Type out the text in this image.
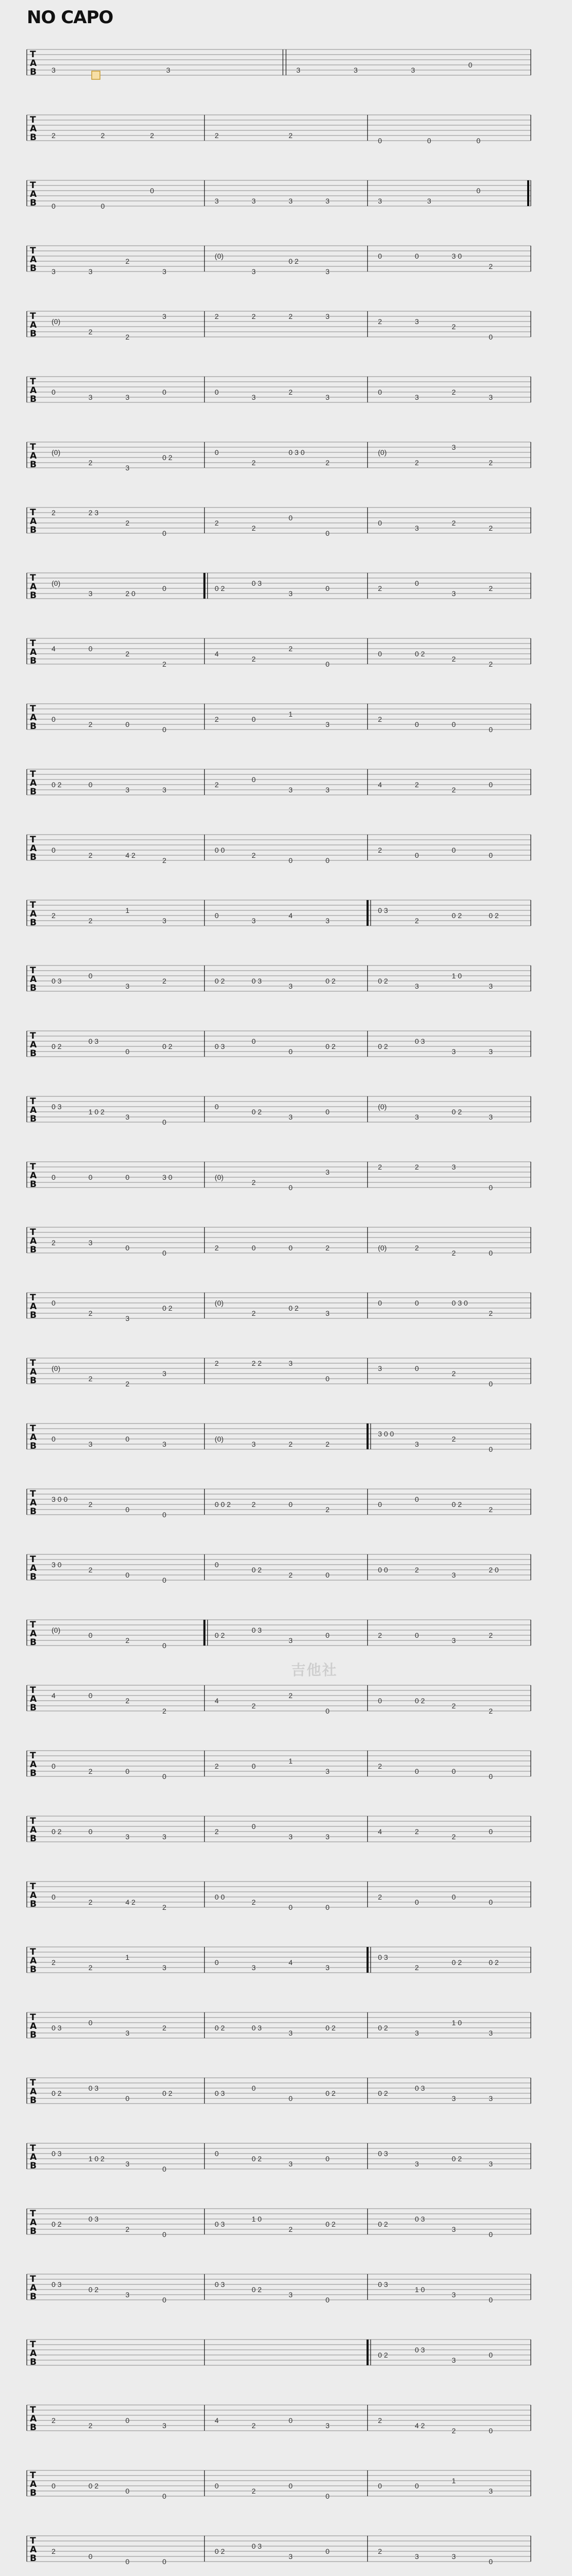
NO CAPO
吉他社
T
A
B 3	3	3	3	3
0
T
A
B 2	2	2	2	2
0	0	0
T
A
B 0	0
0
3	3	3	3	3	3
0
T
A
B 3	3
2
3
(0)
3
0 2
3
0	0	3 0
2
T
A
B
(0)
2
2
3	2	2	2	3
2	3
2
0
T
A
B
0
3	3
0	0
3
2
3
0
3
2
3
T
A
B
(0)
2
3
0 2
0
2
0 3 0
2
(0)
2
3
2
T
A
B
2	2 3
2
0
2
2
0
0
0
3
2
2
T
A
B
(0)
3	2 0
0	0 2
0 3
3
0	2
0
3
2
T
A
B
4	0
2
2
4
2
2
0
0	0 2
2
2
T
A
B
0
2	0
0
2	0
1
3
2
0	0
0
T
A
B
0 2	0
3	3
2
0
3	3
4	2
2
0
T
A
B
0
2	4 2
2
0 0
2
0	0
2
0
0
0
T
A
B
2
2
1
3
0
3
4
3
0 3
2
0 2	0 2
T
A
B
0 3
0
3
2	0 2	0 3
3
0 2	0 2
3
1 0
3
T
A
B
0 2
0 3
0
0 2	0 3
0
0
0 2	0 2
0 3
3	3
T
A
B
0 3
1 0 2
3
0
0
0 2
3
0
(0)
3
0 2
3
T
A
B
0	0	0	3 0	(0)
2
0
3
2	2	3
0
T
A
B
2	3
0
0
2	0	0	2	(0)	2
2	0
T
A
B
0
2
3
0 2
(0)
2
0 2
3
0	0	0 3 0
2
T
A
B
(0)
2
2
3
2	2 2	3
0
3	0
2
0
T
A
B
0
3
0
3
(0)
3	2	2
3 0 0
3
2
0
T
A
B
3 0 0
2
0
0
0 0 2	2	0
2
0
0
0 2
2
T
A
B
3 0
2
0
0
0
0 2
2	0
0 0	2
3
2 0
T
A
B
(0)
0
2
0
0 2
0 3
3
0	2	0
3
2
T
A
B
4	0
2
2
4
2
2
0
0	0 2
2
2
T
A
B
0
2	0
0
2	0
1
3
2
0	0
0
T
A
B
0 2	0
3	3
2
0
3	3
4	2
2
0
T
A
B
0
2	4 2
2
0 0
2
0	0
2
0
0
0
T
A
B
2
2
1
3
0
3
4
3
0 3
2
0 2	0 2
T
A
B
0 3
0
3
2	0 2	0 3
3
0 2	0 2
3
1 0
3
T
A
B
0 2
0 3
0
0 2	0 3
0
0
0 2	0 2
0 3
3	3
T
A
B
0 3
1 0 2
3
0
0
0 2
3
0
0 3
3
0 2
3
T
A
B
0 2
0 3
2
0
0 3
1 0
2
0 2	0 2
0 3
3
0
T
A
B
0 3
0 2
3
0
0 3
0 2
3
0
0 3
1 0
3
0
T
A
B
0 2
0 3
3
0
T
A
B
2
2
0
3
4
2
0
3
2
4 2
2	0
T
A
B
0	0 2
0
0
0
2
0
0
0	0
1
3
T
A
B
2
0
0	0
0 2
0 3
3
0	2
3	3
0
